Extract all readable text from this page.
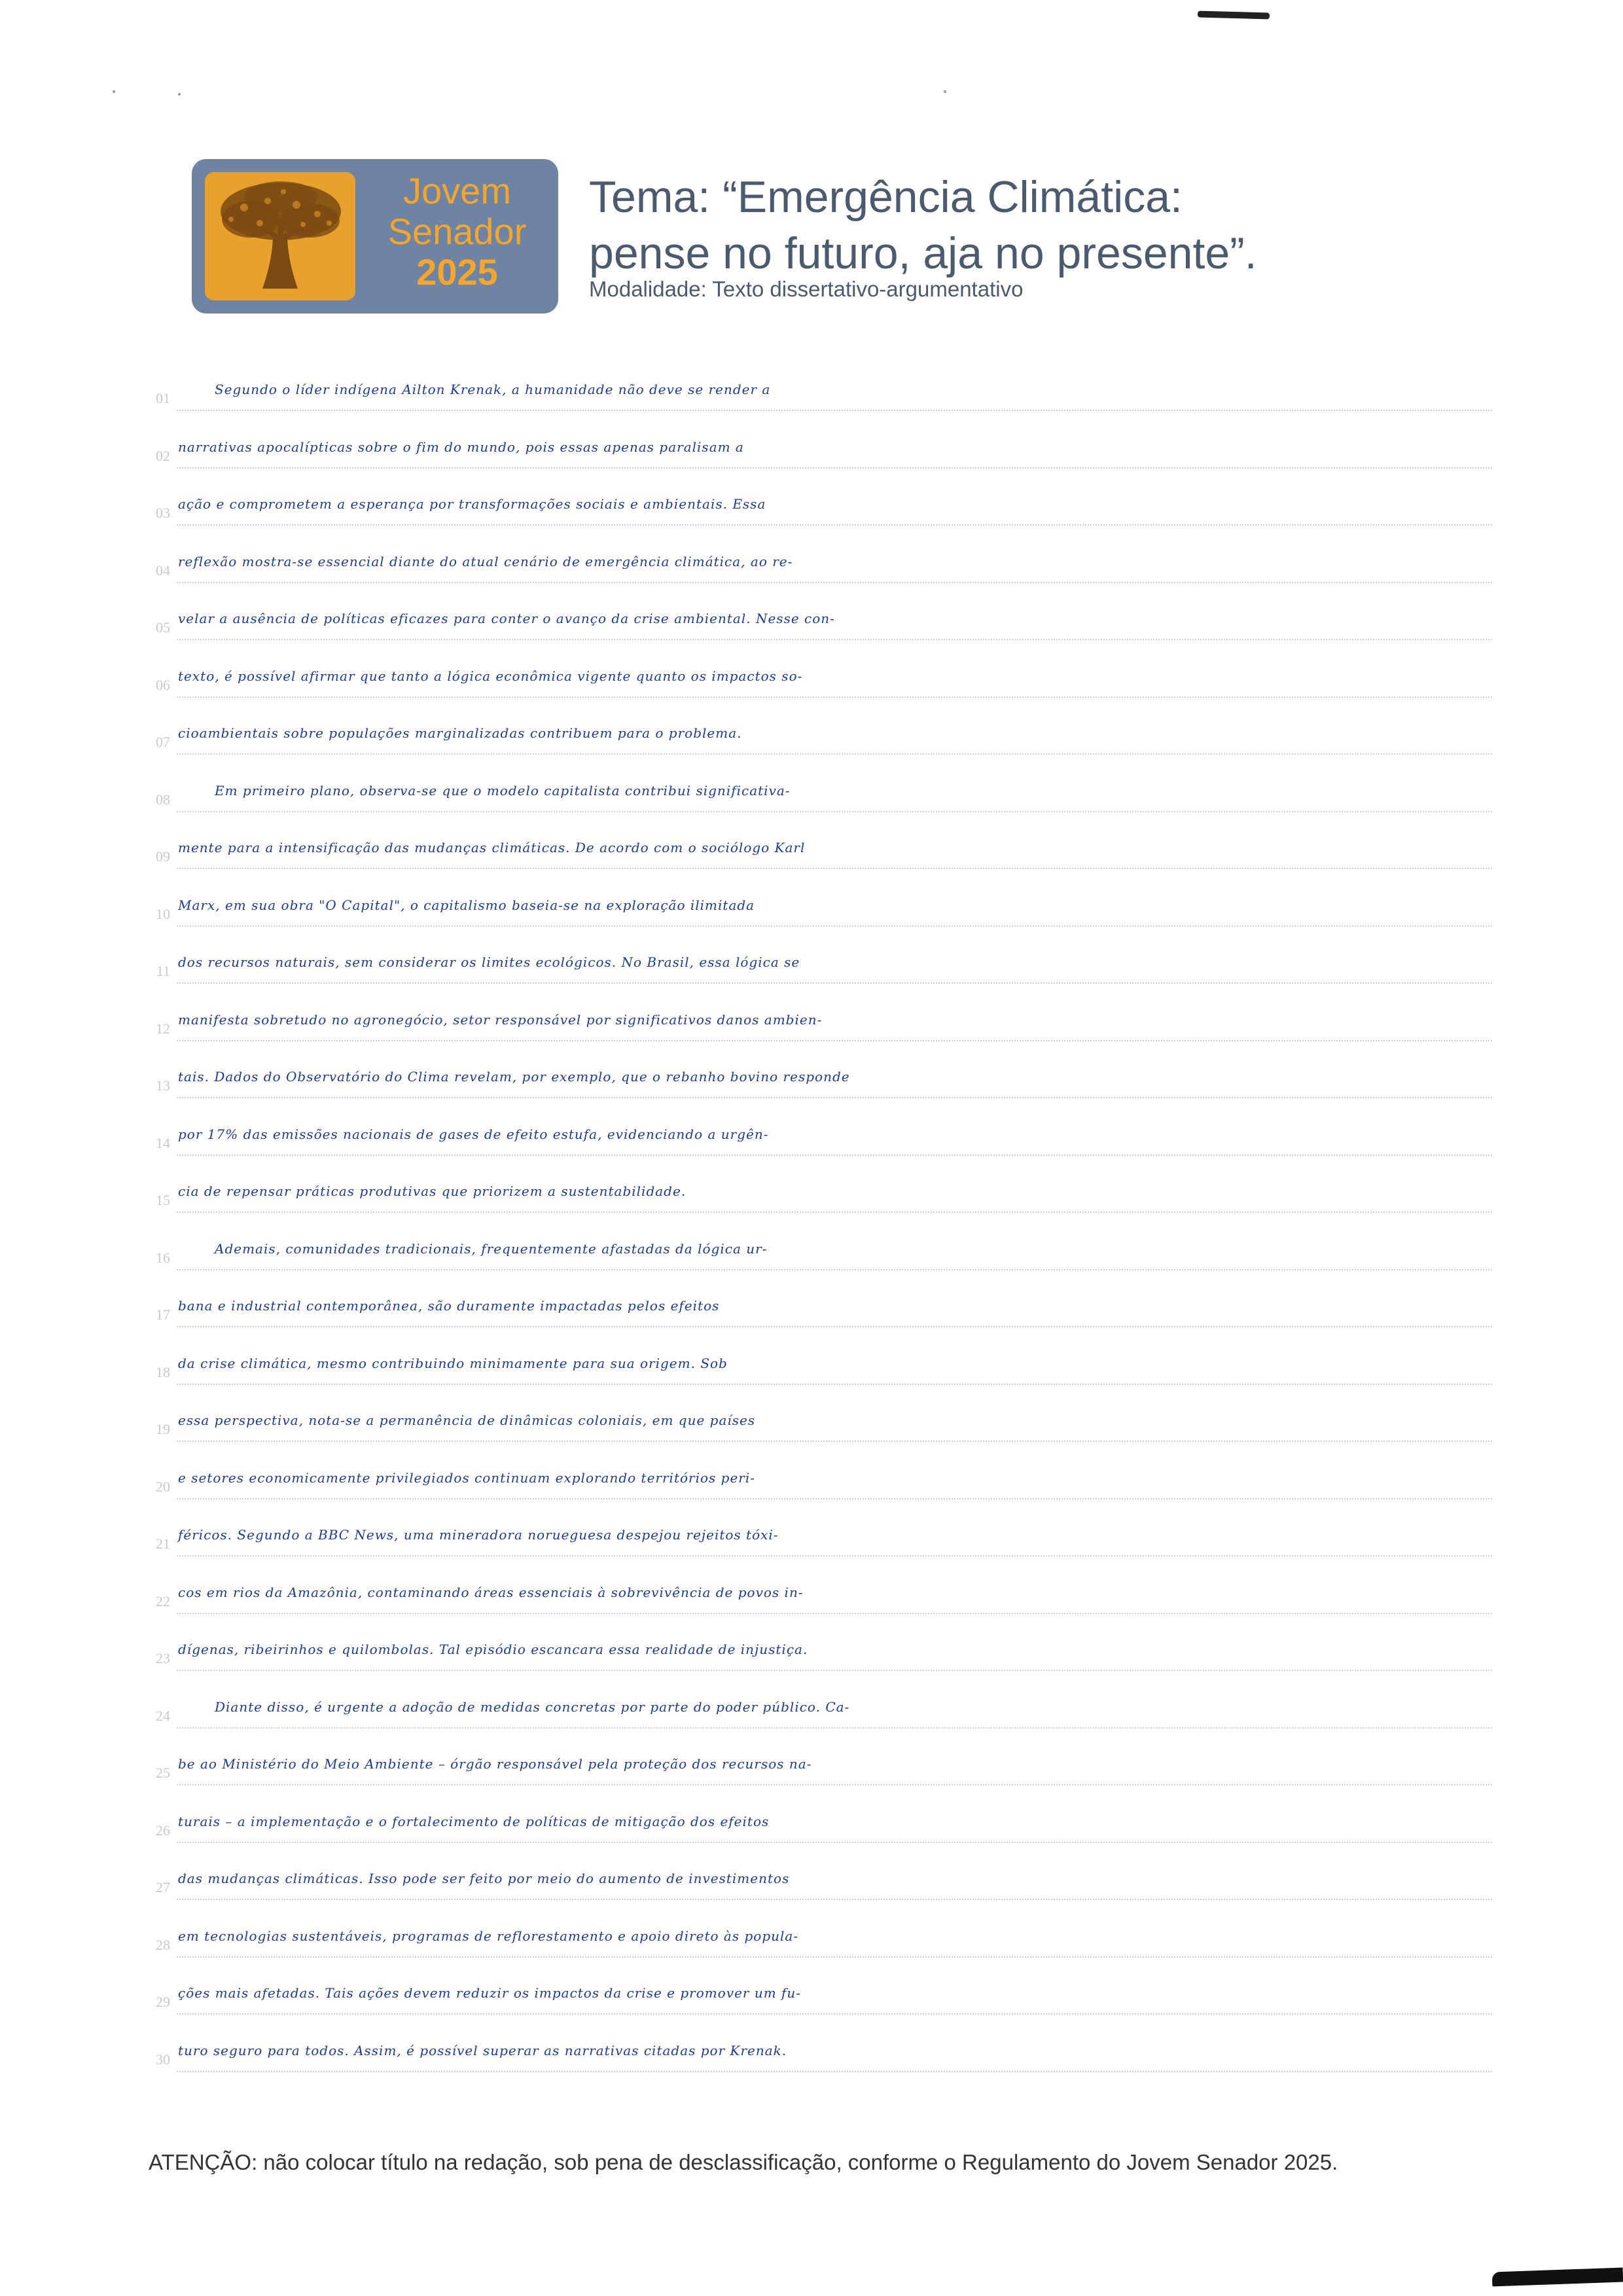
Jovem
Senador
2025
Tema: “Emergência Climática:
pense no futuro, aja no presente”.
Modalidade: Texto dissertativo-argumentativo
01
Segundo o líder indígena Ailton Krenak, a humanidade não deve se render a
02
narrativas apocalípticas sobre o fim do mundo, pois essas apenas paralisam a
03
ação e comprometem a esperança por transformações sociais e ambientais. Essa
04
reflexão mostra-se essencial diante do atual cenário de emergência climática, ao re-
05
velar a ausência de políticas eficazes para conter o avanço da crise ambiental. Nesse con-
06
texto, é possível afirmar que tanto a lógica econômica vigente quanto os impactos so-
07
cioambientais sobre populações marginalizadas contribuem para o problema.
08
Em primeiro plano, observa-se que o modelo capitalista contribui significativa-
09
mente para a intensificação das mudanças climáticas. De acordo com o sociólogo Karl
10
Marx, em sua obra "O Capital", o capitalismo baseia-se na exploração ilimitada
11
dos recursos naturais, sem considerar os limites ecológicos. No Brasil, essa lógica se
12
manifesta sobretudo no agronegócio, setor responsável por significativos danos ambien-
13
tais. Dados do Observatório do Clima revelam, por exemplo, que o rebanho bovino responde
14
por 17% das emissões nacionais de gases de efeito estufa, evidenciando a urgên-
15
cia de repensar práticas produtivas que priorizem a sustentabilidade.
16
Ademais, comunidades tradicionais, frequentemente afastadas da lógica ur-
17
bana e industrial contemporânea, são duramente impactadas pelos efeitos
18
da crise climática, mesmo contribuindo minimamente para sua origem. Sob
19
essa perspectiva, nota-se a permanência de dinâmicas coloniais, em que países
20
e setores economicamente privilegiados continuam explorando territórios peri-
21
féricos. Segundo a BBC News, uma mineradora norueguesa despejou rejeitos tóxi-
22
cos em rios da Amazônia, contaminando áreas essenciais à sobrevivência de povos in-
23
dígenas, ribeirinhos e quilombolas. Tal episódio escancara essa realidade de injustiça.
24
Diante disso, é urgente a adoção de medidas concretas por parte do poder público. Ca-
25
be ao Ministério do Meio Ambiente – órgão responsável pela proteção dos recursos na-
26
turais – a implementação e o fortalecimento de políticas de mitigação dos efeitos
27
das mudanças climáticas. Isso pode ser feito por meio do aumento de investimentos
28
em tecnologias sustentáveis, programas de reflorestamento e apoio direto às popula-
29
ções mais afetadas. Tais ações devem reduzir os impactos da crise e promover um fu-
30
turo seguro para todos. Assim, é possível superar as narrativas citadas por Krenak.
ATENÇÃO: não colocar título na redação, sob pena de desclassificação, conforme o Regulamento do Jovem Senador 2025.
